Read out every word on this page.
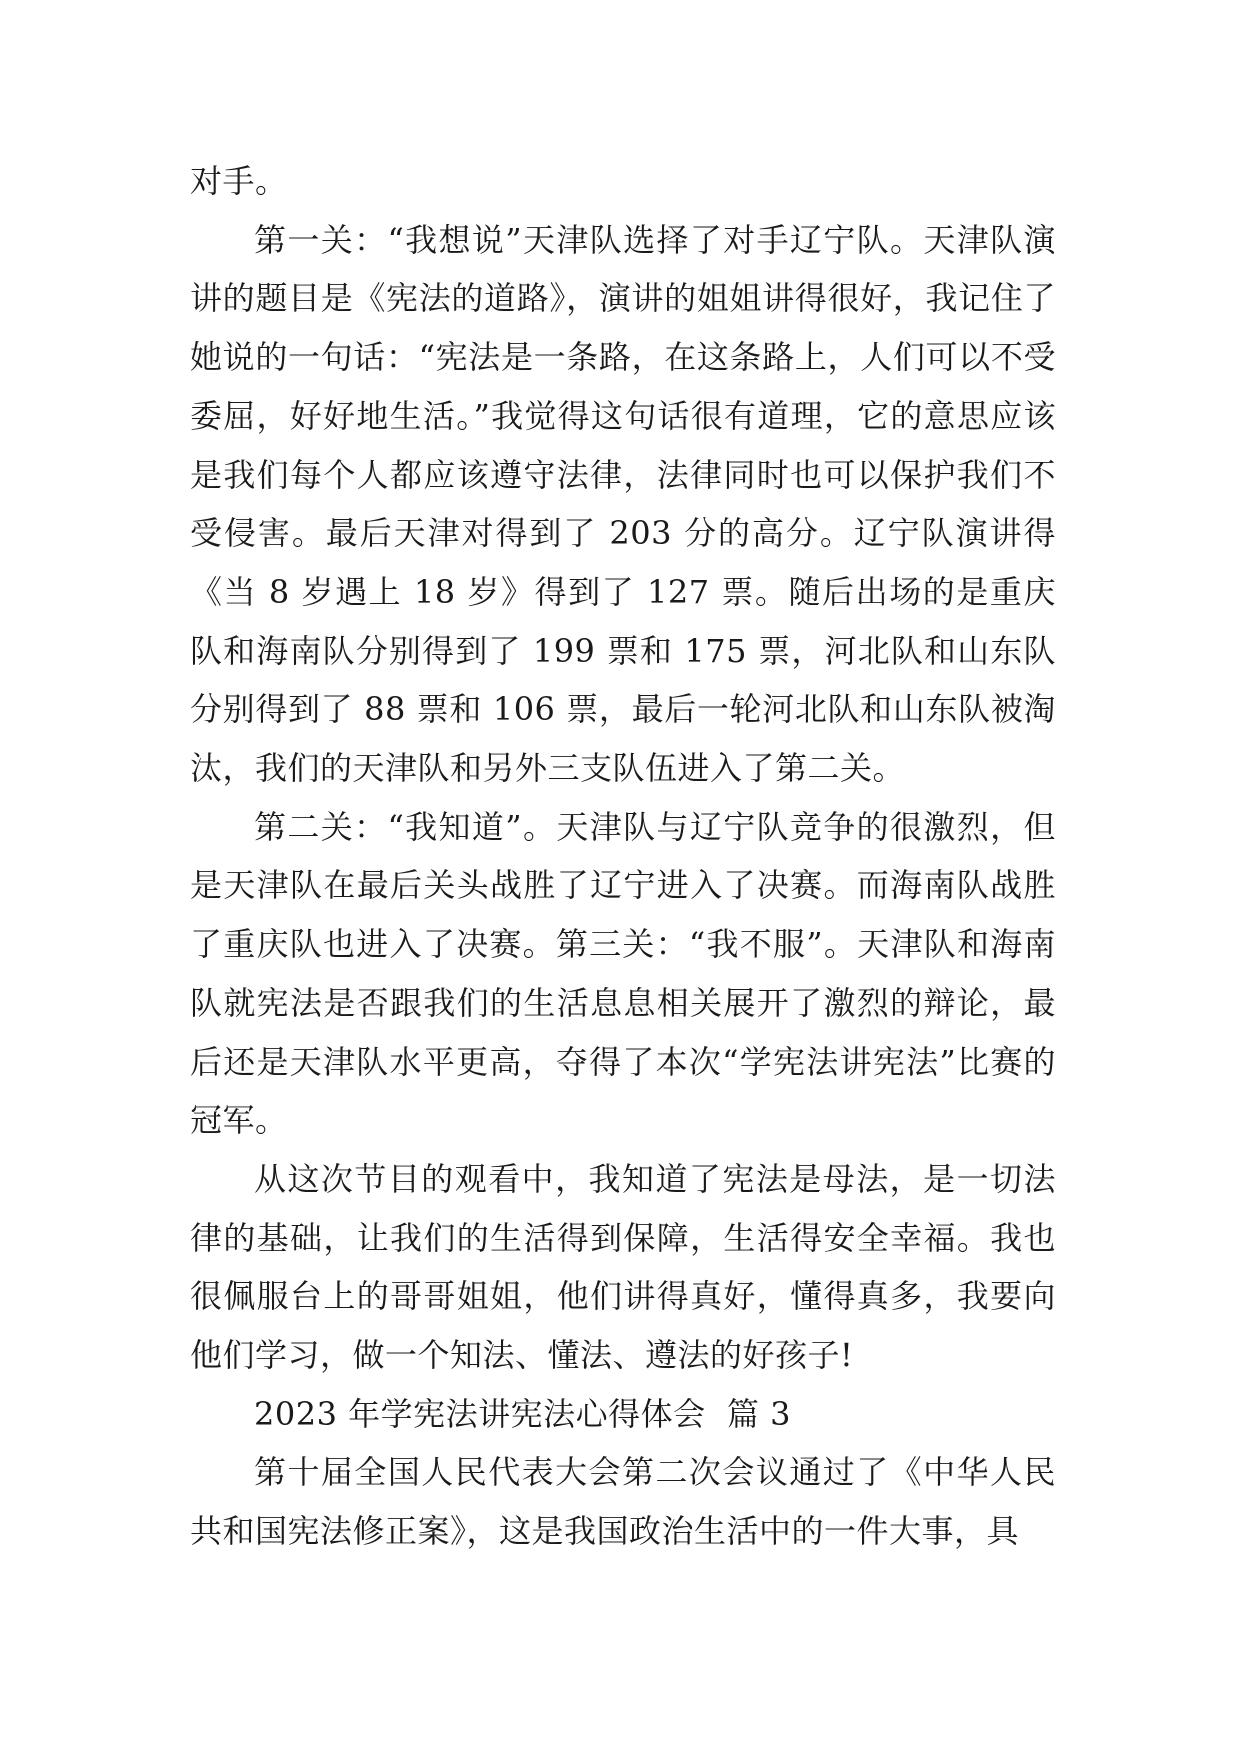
对手。

第一关：“我想说”天津队选择了对手辽宁队。天津队演讲的题目是《宪法的道路》，演讲的姐姐讲得很好，我记住了她说的一句话：“宪法是一条路，在这条路上，人们可以不受委屈，好好地生活。”我觉得这句话很有道理，它的意思应该是我们每个人都应该遵守法律，法律同时也可以保护我们不受侵害。最后天津对得到了 203 分的高分。辽宁队演讲得《当 8 岁遇上 18 岁》得到了 127 票。随后出场的是重庆队和海南队分别得到了 199 票和 175 票，河北队和山东队分别得到了 88 票和 106 票，最后一轮河北队和山东队被淘汰，我们的天津队和另外三支队伍进入了第二关。

第二关：“我知道”。天津队与辽宁队竞争的很激烈，但是天津队在最后关头战胜了辽宁进入了决赛。而海南队战胜了重庆队也进入了决赛。第三关：“我不服”。天津队和海南队就宪法是否跟我们的生活息息相关展开了激烈的辩论，最后还是天津队水平更高，夺得了本次“学宪法讲宪法”比赛的冠军。

从这次节目的观看中，我知道了宪法是母法，是一切法律的基础，让我们的生活得到保障，生活得安全幸福。我也很佩服台上的哥哥姐姐，他们讲得真好，懂得真多，我要向他们学习，做一个知法、懂法、遵法的好孩子!

2023 年学宪法讲宪法心得体会  篇 3

第十届全国人民代表大会第二次会议通过了《中华人民共和国宪法修正案》，这是我国政治生活中的一件大事，具
